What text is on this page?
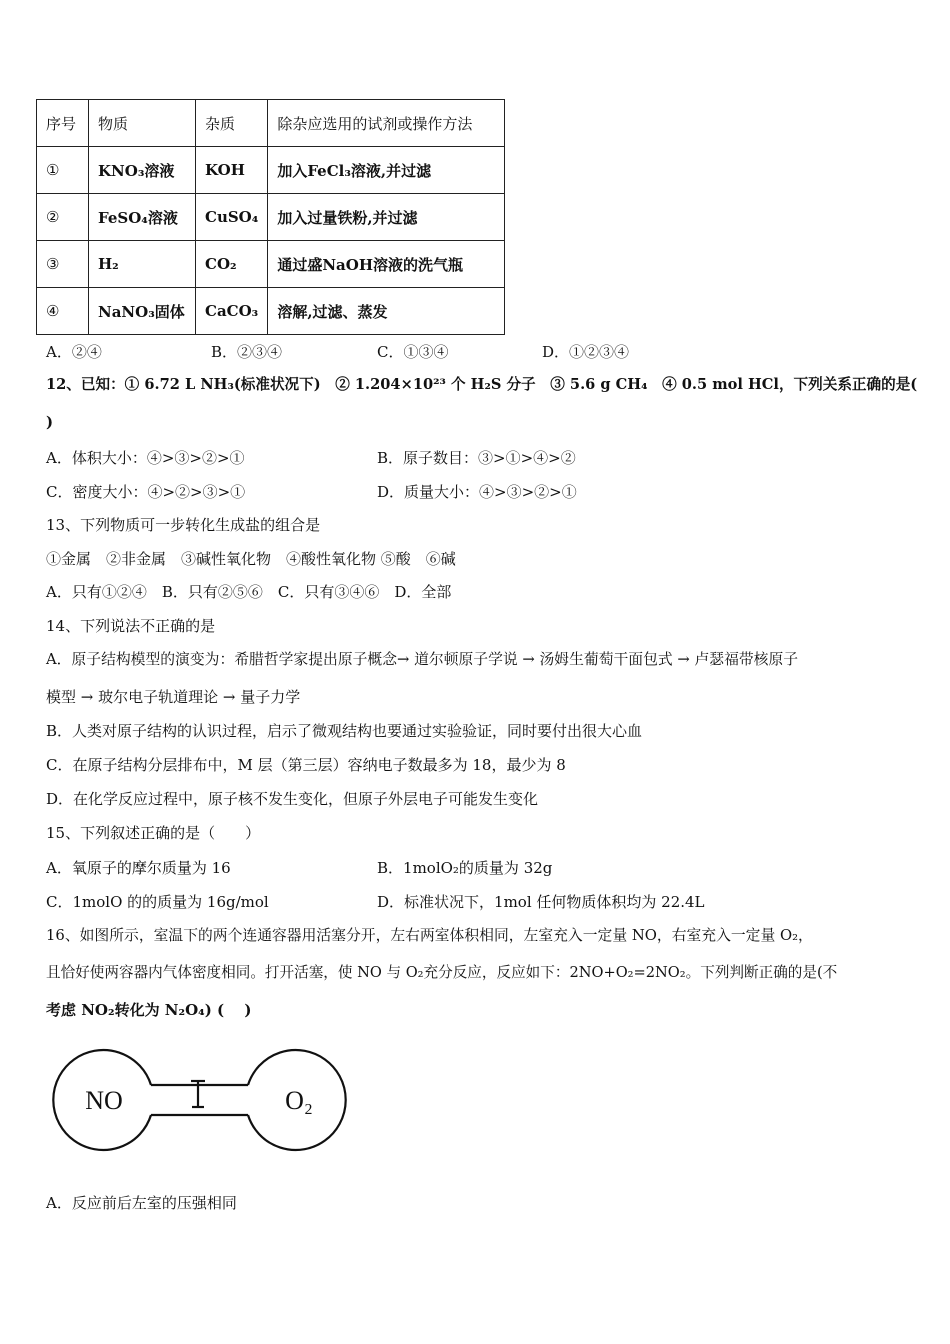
序号	物质	杂质	除杂应选用的试剂或操作方法
①	KNO₃溶液	KOH	加入FeCl₃溶液,并过滤
②	FeSO₄溶液	CuSO₄	加入过量铁粉,并过滤
③	H₂	CO₂	通过盛NaOH溶液的洗气瓶
④	NaNO₃固体	CaCO₃	溶解,过滤、蒸发
A．②④	B．②③④	C．①③④	D．①②③④
12、已知：① 6.72 L NH₃(标准状况下)　② 1.204×10²³ 个 H₂S 分子　③ 5.6 g CH₄　④ 0.5 mol HCl，下列关系正确的是(
)
A．体积大小：④>③>②>①	B．原子数目：③>①>④>②
C．密度大小：④>②>③>①	D．质量大小：④>③>②>①
13、下列物质可一步转化生成盐的组合是
①金属　②非金属　③碱性氧化物　④酸性氧化物 ⑤酸　⑥碱
A．只有①②④　B．只有②⑤⑥　C．只有③④⑥　D．全部
14、下列说法不正确的是
A．原子结构模型的演变为：希腊哲学家提出原子概念→ 道尔顿原子学说 → 汤姆生葡萄干面包式 → 卢瑟福带核原子
模型 → 玻尔电子轨道理论 → 量子力学
B．人类对原子结构的认识过程，启示了微观结构也要通过实验验证，同时要付出很大心血
C．在原子结构分层排布中，M 层（第三层）容纳电子数最多为 18，最少为 8
D．在化学反应过程中，原子核不发生变化，但原子外层电子可能发生变化
15、下列叙述正确的是（　　）
A．氧原子的摩尔质量为 16	B．1molO₂的质量为 32g
C．1molO 的的质量为 16g/mol	D．标准状况下，1mol 任何物质体积均为 22.4L
16、如图所示，室温下的两个连通容器用活塞分开，左右两室体积相同，左室充入一定量 NO，右室充入一定量 O₂，
且恰好使两容器内气体密度相同。打开活塞，使 NO 与 O₂充分反应，反应如下：2NO+O₂=2NO₂。下列判断正确的是(不
考虑 NO₂转化为 N₂O₄) (　 )
NO	O₂
A．反应前后左室的压强相同
